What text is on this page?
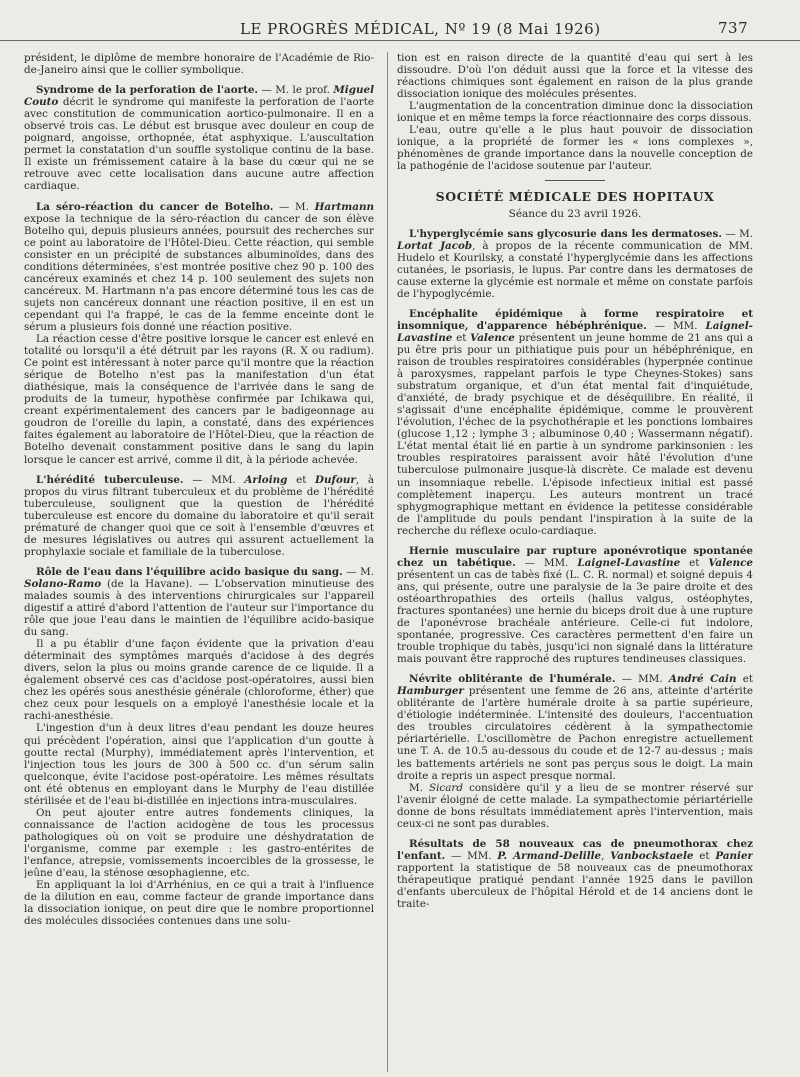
LE PROGRÈS MÉDICAL, Nº 19 (8 Mai 1926)	737

président, le diplôme de membre honoraire de l'Académie de Rio-de-Janeiro ainsi que le collier symbolique.

Syndrome de la perforation de l'aorte. — M. le prof. Miguel Couto décrit le syndrome qui manifeste la perforation de l'aorte avec constitution de communication aortico-pulmonaire. Il en a observé trois cas. Le début est brusque avec douleur en coup de poignard, angoisse, orthopnée, état asphyxique. L'auscultation permet la constatation d'un souffle systolique continu de la base. Il existe un frémissement cataire à la base du cœur qui ne se retrouve avec cette localisation dans aucune autre affection cardiaque.

La séro-réaction du cancer de Botelho. — M. Hartmann expose la technique de la séro-réaction du cancer de son élève Botelho qui, depuis plusieurs années, poursuit des recherches sur ce point au laboratoire de l'Hôtel-Dieu. Cette réaction, qui semble consister en un précipité de substances albuminoïdes, dans des conditions déterminées, s'est montrée positive chez 90 p. 100 des cancéreux examinés et chez 14 p. 100 seulement des sujets non cancéreux. M. Hartmann n'a pas encore déterminé tous les cas de sujets non cancéreux donnant une réaction positive, il en est un cependant qui l'a frappé, le cas de la femme enceinte dont le sérum a plusieurs fois donné une réaction positive.

La réaction cesse d'être positive lorsque le cancer est enlevé en totalité ou lorsqu'il a été détruit par les rayons (R. X ou radium). Ce point est intéressant à noter parce qu'il montre que la réaction sérique de Botelho n'est pas la manifestation d'un état diathésique, mais la conséquence de l'arrivée dans le sang de produits de la tumeur, hypothèse confirmée par Ichikawa qui, creant expérimentalement des cancers par le badigeonnage au goudron de l'oreille du lapin, a constaté, dans des expériences faites également au laboratoire de l'Hôtel-Dieu, que la réaction de Botelho devenait constamment positive dans le sang du lapin lorsque le cancer est arrivé, comme il dit, à la période achevée.

L'hérédité tuberculeuse. — MM. Arloing et Dufour, à propos du virus filtrant tuberculeux et du problème de l'hérédité tuberculeuse, soulignent que la question de l'hérédité tuberculeuse est encore du domaine du laboratoire et qu'il serait prématuré de changer quoi que ce soit à l'ensemble d'œuvres et de mesures législatives ou autres qui assurent actuellement la prophylaxie sociale et familiale de la tuberculose.

Rôle de l'eau dans l'équilibre acido basique du sang. — M. Solano-Ramo (de la Havane). — L'observation minutieuse des malades soumis à des interventions chirurgicales sur l'appareil digestif a attiré d'abord l'attention de l'auteur sur l'importance du rôle que joue l'eau dans le maintien de l'équilibre acido-basique du sang.

Il a pu établir d'une façon évidente que la privation d'eau déterminait des symptômes marqués d'acidose à des degrés divers, selon la plus ou moins grande carence de ce liquide. Il a également observé ces cas d'acidose post-opératoires, aussi bien chez les opérés sous anesthésie générale (chloroforme, éther) que chez ceux pour lesquels on a employé l'anesthésie locale et la rachi-anesthésie.

L'ingestion d'un à deux litres d'eau pendant les douze heures qui précèdent l'opération, ainsi que l'application d'un goutte à goutte rectal (Murphy), immédiatement après l'intervention, et l'injection tous les jours de 300 à 500 cc. d'un sérum salin quelconque, évite l'acidose post-opératoire. Les mêmes résultats ont été obtenus en employant dans le Murphy de l'eau distillée stérilisée et de l'eau bi-distillée en injections intra-musculaires.

On peut ajouter entre autres fondements cliniques, la connaissance de l'action acidogène de tous les processus pathologiques où on voit se produire une déshydratation de l'organisme, comme par exemple : les gastro-entérites de l'enfance, atrepsie, vomissements incoercibles de la grossesse, le jeûne d'eau, la sténose œsophagienne, etc.

En appliquant la loi d'Arrhénius, en ce qui a trait à l'influence de la dilution en eau, comme facteur de grande importance dans la dissociation ionique, on peut dire que le nombre proportionnel des molécules dissociées contenues dans une solu-

tion est en raison directe de la quantité d'eau qui sert à les dissoudre. D'où l'on déduit aussi que la force et la vitesse des réactions chimiques sont également en raison de la plus grande dissociation ionique des molécules présentes.

L'augmentation de la concentration diminue donc la dissociation ionique et en même temps la force réactionnaire des corps dissous.

L'eau, outre qu'elle a le plus haut pouvoir de dissociation ionique, a la propriété de former les « ions complexes », phénomènes de grande importance dans la nouvelle conception de la pathogénie de l'acidose soutenue par l'auteur.

SOCIÉTÉ MÉDICALE DES HOPITAUX
Séance du 23 avril 1926.

L'hyperglycémie sans glycosurie dans les dermatoses. — M. Lortat Jacob, à propos de la récente communication de MM. Hudelo et Kourilsky, a constaté l'hyperglycémie dans les affections cutanées, le psoriasis, le lupus. Par contre dans les dermatoses de cause externe la glycémie est normale et même on constate parfois de l'hypoglycémie.

Encéphalite épidémique à forme respiratoire et insomnique, d'apparence hébéphrénique. — MM. Laignel-Lavastine et Valence présentent un jeune homme de 21 ans qui a pu être pris pour un pithiatique puis pour un hébéphrénique, en raison de troubles respiratoires considérables (hyperpnée continue à paroxysmes, rappelant parfois le type Cheynes-Stokes) sans substratum organique, et d'un état mental fait d'inquiétude, d'anxiété, de brady psychique et de déséquilibre. En réalité, il s'agissait d'une encéphalite épidémique, comme le prouvèrent l'évolution, l'échec de la psychothérapie et les ponctions lombaires (glucose 1,12 ; lymphe 3 ; albuminose 0,40 ; Wassermann négatif). L'état mental était lié en partie à un syndrome parkinsonien : les troubles respiratoires paraissent avoir hâté l'évolution d'une tuberculose pulmonaire jusque-là discrète. Ce malade est devenu un insomniaque rebelle. L'épisode infectieux initial est passé complètement inaperçu. Les auteurs montrent un tracé sphygmographique mettant en évidence la petitesse considérable de l'amplitude du pouls pendant l'inspiration à la suite de la recherche du réflexe oculo-cardiaque.

Hernie musculaire par rupture aponévrotique spontanée chez un tabétique. — MM. Laignel-Lavastine et Valence présentent un cas de tabès fixé (L. C. R. normal) et soigné depuis 4 ans, qui présente, outre une paralysie de la 3e paire droite et des ostéoarthropathies des orteils (hallus valgus, ostéophytes, fractures spontanées) une hernie du biceps droit due à une rupture de l'aponévrose brachéale antérieure. Celle-ci fut indolore, spontanée, progressive. Ces caractères permettent d'en faire un trouble trophique du tabès, jusqu'ici non signalé dans la littérature mais pouvant être rapproché des ruptures tendineuses classiques.

Névrite oblitérante de l'humérale. — MM. André Cain et Hamburger présentent une femme de 26 ans, atteinte d'artérite oblitérante de l'artère humérale droite à sa partie supérieure, d'étiologie indéterminée. L'intensité des douleurs, l'accentuation des troubles circulatoires cédèrent à la sympathectomie périartérielle. L'oscillomètre de Pachon enregistre actuellement une T. A. de 10.5 au-dessous du coude et de 12-7 au-dessus ; mais les battements artériels ne sont pas perçus sous le doigt. La main droite a repris un aspect presque normal.

M. Sicard considère qu'il y a lieu de se montrer réservé sur l'avenir éloigné de cette malade. La sympathectomie périartérielle donne de bons résultats immédiatement après l'intervention, mais ceux-ci ne sont pas durables.

Résultats de 58 nouveaux cas de pneumothorax chez l'enfant. — MM. P. Armand-Delille, Vanbockstaele et Panier rapportent la statistique de 58 nouveaux cas de pneumothorax thérapeutique pratiqué pendant l'année 1925 dans le pavillon d'enfants uberculeux de l'hôpital Hérold et de 14 anciens dont le traite-
